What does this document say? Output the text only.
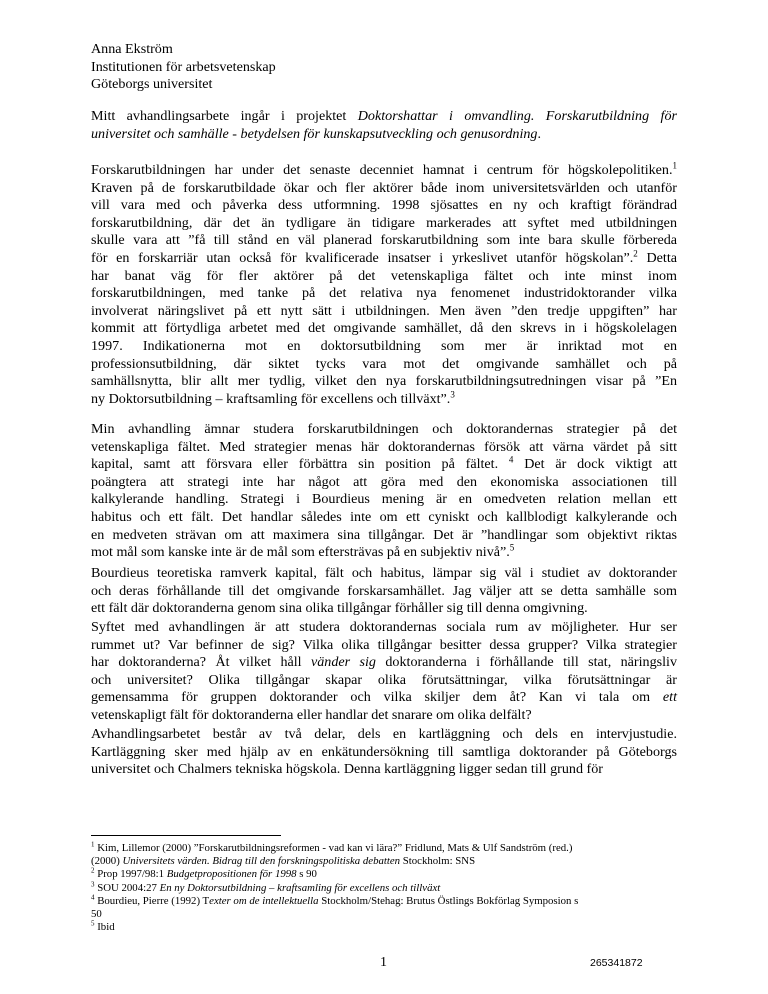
Anna Ekström
Institutionen för arbetsvetenskap
Göteborgs universitet
Mitt avhandlingsarbete ingår i projektet Doktorshattar i omvandling. Forskarutbildning för
universitet och samhälle - betydelsen för kunskapsutveckling och genusordning.
Forskarutbildningen har under det senaste decenniet hamnat i centrum för högskolepolitiken.$^1$
Kraven på de forskarutbildade ökar och fler aktörer både inom universitetsvärlden och utanför
vill vara med och påverka dess utformning. 1998 sjösattes en ny och kraftigt förändrad
forskarutbildning, där det än tydligare än tidigare markerades att syftet med utbildningen
skulle vara att ”få till stånd en väl planerad forskarutbildning som inte bara skulle förbereda
för en forskarriär utan också för kvalificerade insatser i yrkeslivet utanför högskolan”.$^2$ Detta
har banat väg för fler aktörer på det vetenskapliga fältet och inte minst inom
forskarutbildningen, med tanke på det relativa nya fenomenet industridoktorander vilka
involverat näringslivet på ett nytt sätt i utbildningen. Men även ”den tredje uppgiften” har
kommit att förtydliga arbetet med det omgivande samhället, då den skrevs in i högskolelagen
1997. Indikationerna mot en doktorsutbildning som mer är inriktad mot en
professionsutbildning, där siktet tycks vara mot det omgivande samhället och på
samhällsnytta, blir allt mer tydlig, vilket den nya forskarutbildningsutredningen visar på ”En
ny Doktorsutbildning – kraftsamling för excellens och tillväxt”.$^3$
Min avhandling ämnar studera forskarutbildningen och doktorandernas strategier på det
vetenskapliga fältet. Med strategier menas här doktorandernas försök att värna värdet på sitt
kapital, samt att försvara eller förbättra sin position på fältet. $^4$ Det är dock viktigt att
poängtera att strategi inte har något att göra med den ekonomiska associationen till
kalkylerande handling. Strategi i Bourdieus mening är en omedveten relation mellan ett
habitus och ett fält. Det handlar således inte om ett cyniskt och kallblodigt kalkylerande och
en medveten strävan om att maximera sina tillgångar. Det är ”handlingar som objektivt riktas
mot mål som kanske inte är de mål som eftersträvas på en subjektiv nivå”.$^5$
Bourdieus teoretiska ramverk kapital, fält och habitus, lämpar sig väl i studiet av doktorander
och deras förhållande till det omgivande forskarsamhället. Jag väljer att se detta samhälle som
ett fält där doktoranderna genom sina olika tillgångar förhåller sig till denna omgivning.
Syftet med avhandlingen är att studera doktorandernas sociala rum av möjligheter. Hur ser
rummet ut? Var befinner de sig? Vilka olika tillgångar besitter dessa grupper? Vilka strategier
har doktoranderna? Åt vilket håll vänder sig doktoranderna i förhållande till stat, näringsliv
och universitet? Olika tillgångar skapar olika förutsättningar, vilka förutsättningar är
gemensamma för gruppen doktorander och vilka skiljer dem åt? Kan vi tala om ett
vetenskapligt fält för doktoranderna eller handlar det snarare om olika delfält?
Avhandlingsarbetet består av två delar, dels en kartläggning och dels en intervjustudie.
Kartläggning sker med hjälp av en enkätundersökning till samtliga doktorander på Göteborgs
universitet och Chalmers tekniska högskola. Denna kartläggning ligger sedan till grund för
$^1$ Kim, Lillemor (2000) ”Forskarutbildningsreformen - vad kan vi lära?” Fridlund, Mats & Ulf Sandström (red.)
(2000) Universitets värden. Bidrag till den forskningspolitiska debatten Stockholm: SNS
$^2$ Prop 1997/98:1 Budgetpropositionen för 1998 s 90
$^3$ SOU 2004:27 En ny Doktorsutbildning – kraftsamling för excellens och tillväxt
$^4$ Bourdieu, Pierre (1992) Texter om de intellektuella Stockholm/Stehag: Brutus Östlings Bokförlag Symposion s
50
$^5$ Ibid
1	265341872
